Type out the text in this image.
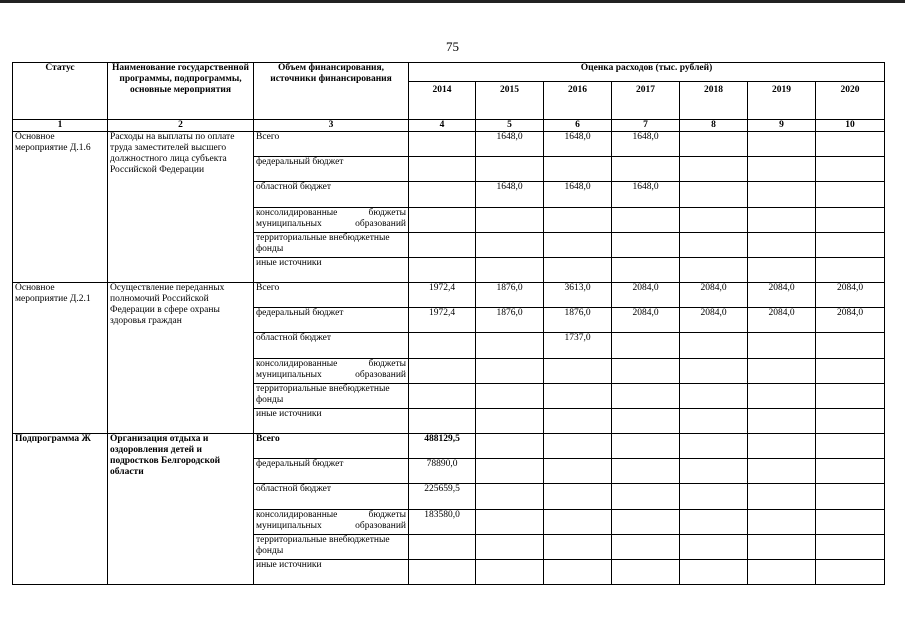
75
Статус	Наименование государственной программы, подпрограммы, основные мероприятия	Объем финансирования, источники финансирования	Оценка расходов (тыс. рублей)						
			2014	2015	2016	2017	2018	2019	2020
1	2	3	4	5	6	7	8	9	10
Основное мероприятие Д.1.6	Расходы на выплаты по оплате труда заместителей высшего должностного лица субъекта Российской Федерации	Всего		1648,0	1648,0	1648,0			
		федеральный бюджет							
		областной бюджет		1648,0	1648,0	1648,0			
		консолидированные бюджеты муниципальных образований							
		территориальные внебюджетные фонды							
		иные источники							
Основное мероприятие Д.2.1	Осуществление переданных полномочий Российской Федерации в сфере охраны здоровья граждан	Всего	1972,4	1876,0	3613,0	2084,0	2084,0	2084,0	2084,0
		федеральный бюджет	1972,4	1876,0	1876,0	2084,0	2084,0	2084,0	2084,0
		областной бюджет			1737,0				
		консолидированные бюджеты муниципальных образований							
		территориальные внебюджетные фонды							
		иные источники							
Подпрограмма Ж	Организация отдыха и оздоровления детей и подростков Белгородской области	Всего	488129,5						
		федеральный бюджет	78890,0						
		областной бюджет	225659,5						
		консолидированные бюджеты муниципальных образований	183580,0						
		территориальные внебюджетные фонды							
		иные источники							
